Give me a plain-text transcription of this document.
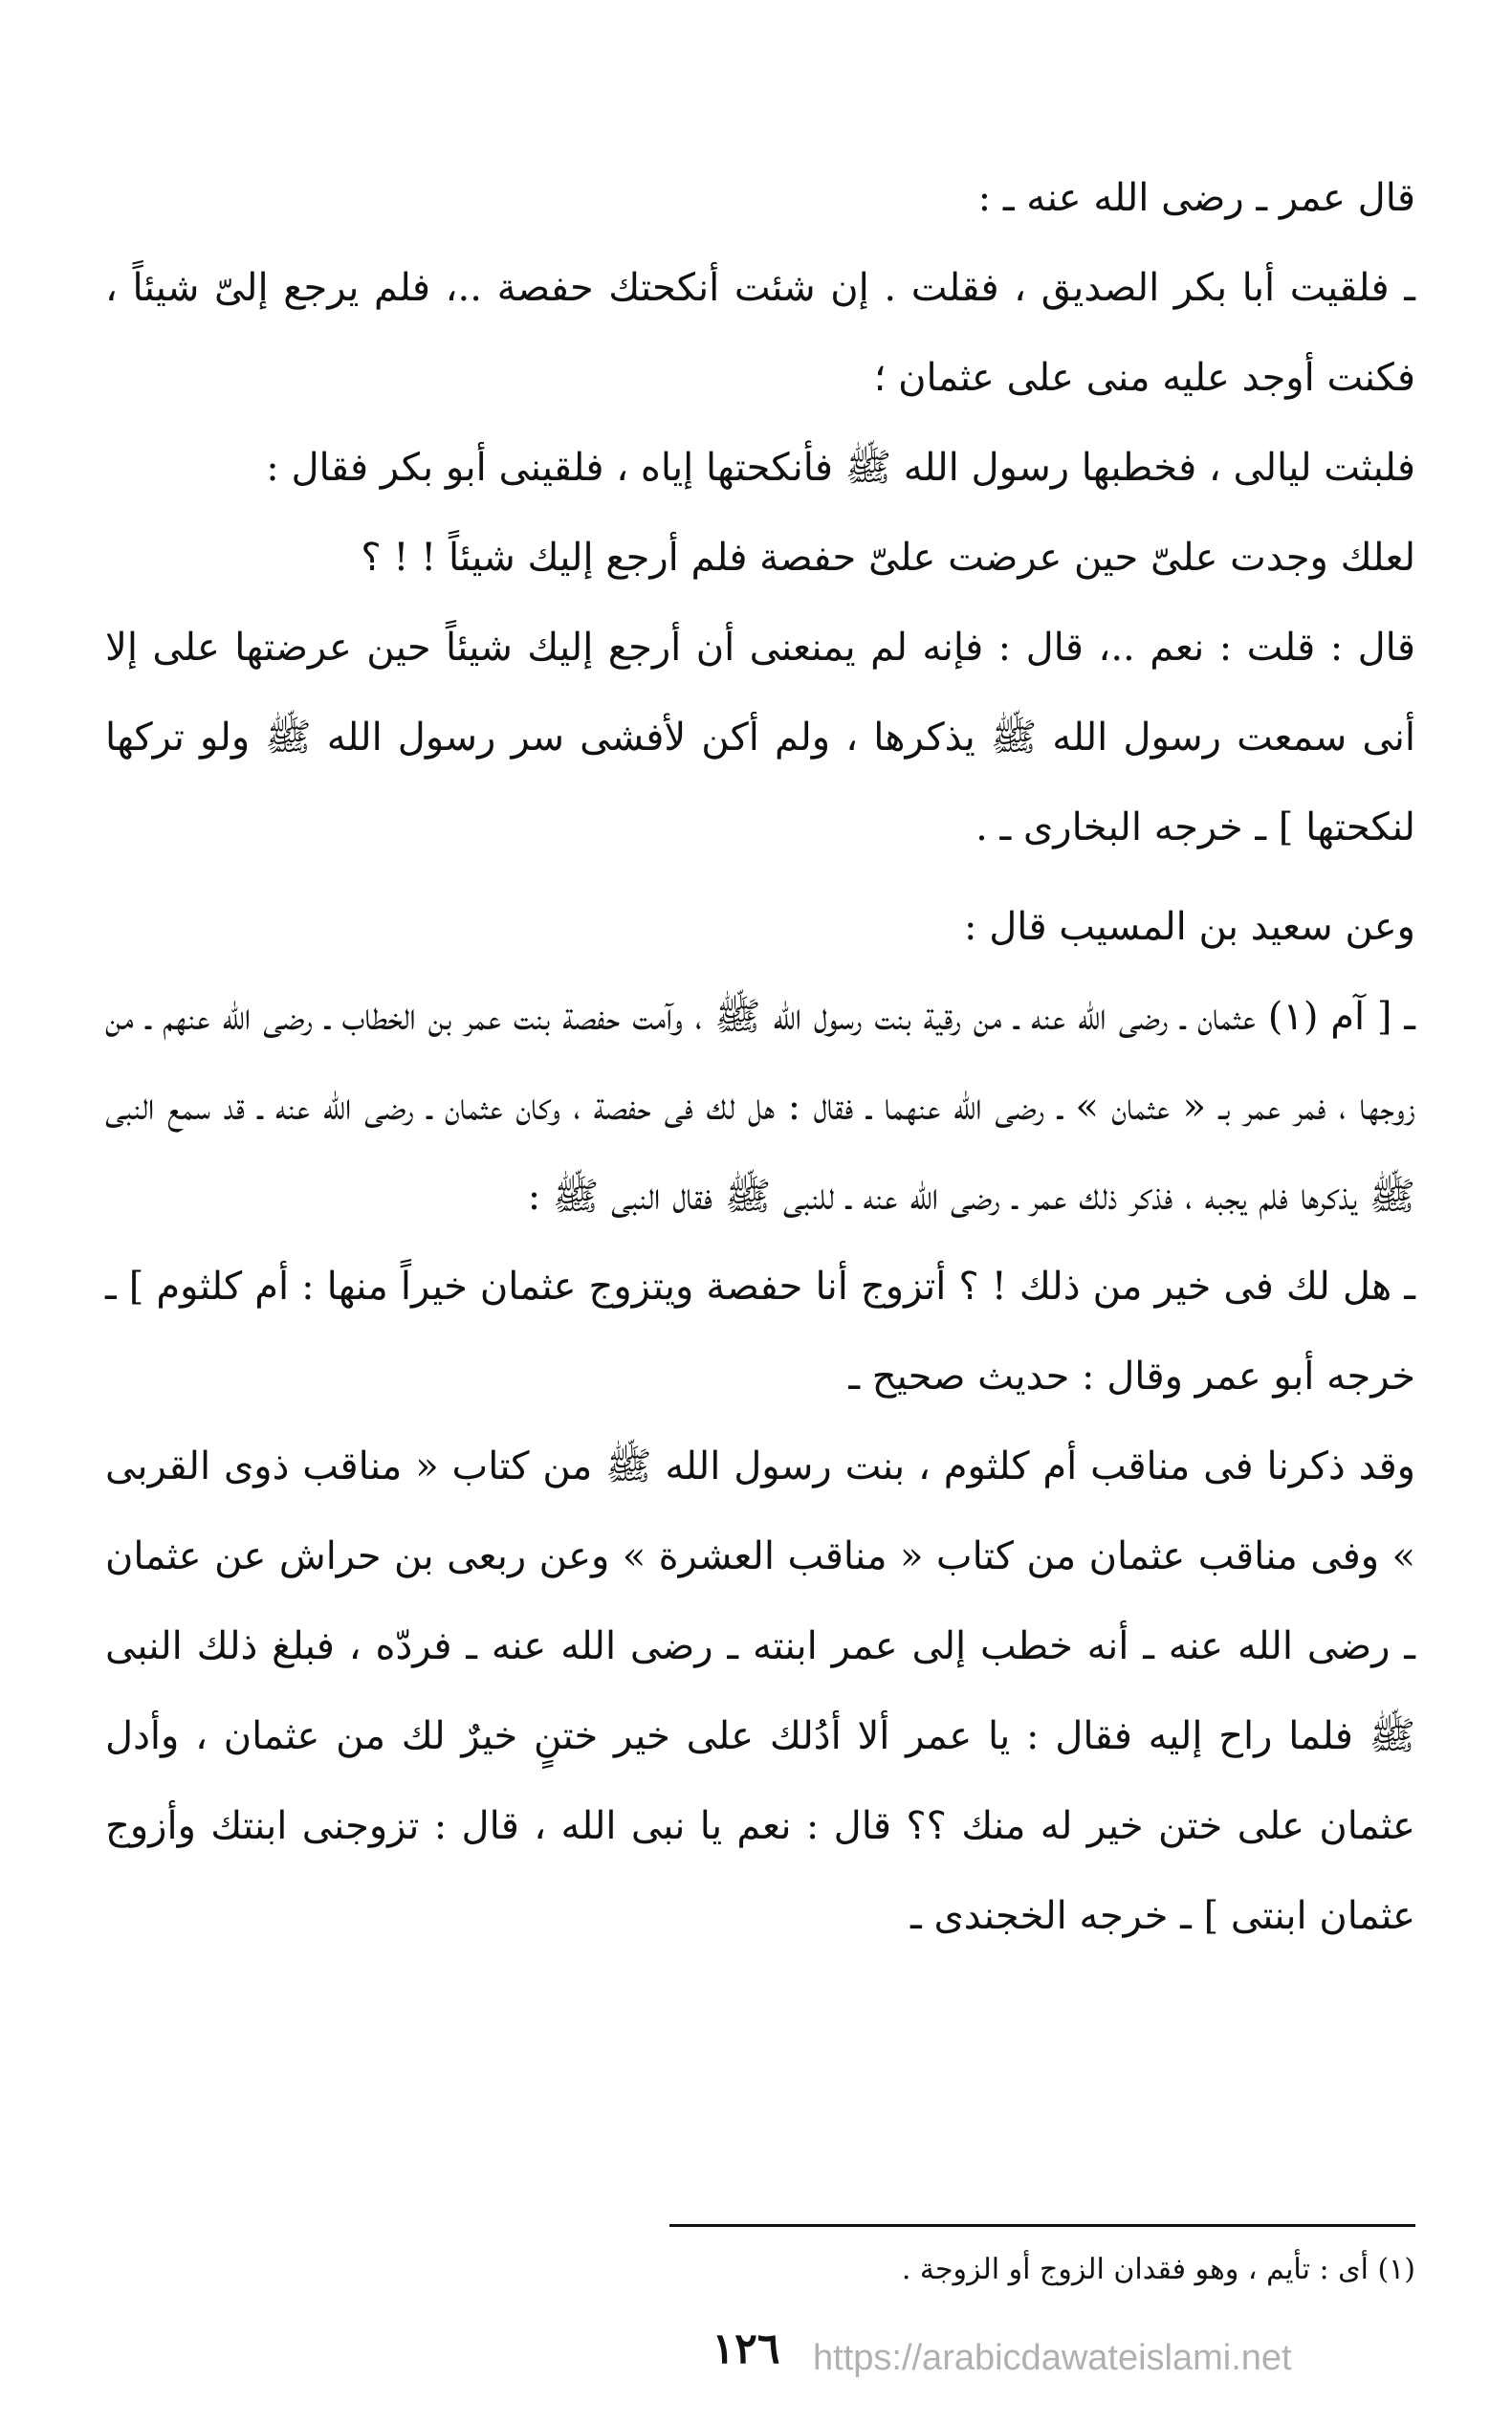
قال عمر ـ رضى الله عنه ـ :

ـ فلقيت أبا بكر الصديق ، فقلت . إن شئت أنكحتك حفصة ..، فلم يرجع إلىّ شيئاً ، فكنت أوجد عليه منى على عثمان ؛

فلبثت ليالى ، فخطبها رسول الله ﷺ فأنكحتها إياه ، فلقينى أبو بكر فقال :

لعلك وجدت علىّ حين عرضت علىّ حفصة فلم أرجع إليك شيئاً ! ! ؟

قال : قلت : نعم ..، قال : فإنه لم يمنعنى أن أرجع إليك شيئاً حين عرضتها على إلا أنى سمعت رسول الله ﷺ يذكرها ، ولم أكن لأفشى سر رسول الله ﷺ ولو تركها لنكحتها ] ـ خرجه البخارى ـ .

وعن سعيد بن المسيب قال :

ـ [ آم (١) عثمان ـ رضى الله عنه ـ من رقية بنت رسول الله ﷺ ، وآمت حفصة بنت عمر بن الخطاب ـ رضى الله عنهم ـ من زوجها ، فمر عمر بـ « عثمان » ـ رضى الله عنهما ـ فقال : هل لك فى حفصة ، وكان عثمان ـ رضى الله عنه ـ قد سمع النبى ﷺ يذكرها فلم يجبه ، فذكر ذلك عمر ـ رضى الله عنه ـ للنبى ﷺ فقال النبى ﷺ :

ـ هل لك فى خير من ذلك ! ؟ أتزوج أنا حفصة ويتزوج عثمان خيراً منها : أم كلثوم ] ـ خرجه أبو عمر وقال : حديث صحيح ـ

وقد ذكرنا فى مناقب أم كلثوم ، بنت رسول الله ﷺ من كتاب « مناقب ذوى القربى » وفى مناقب عثمان من كتاب « مناقب العشرة » وعن ربعى بن حراش عن عثمان ـ رضى الله عنه ـ أنه خطب إلى عمر ابنته ـ رضى الله عنه ـ فردّه ، فبلغ ذلك النبى ﷺ فلما راح إليه فقال : يا عمر ألا أدُلك على خير ختنٍ خيرٌ لك من عثمان ، وأدل عثمان على ختن خير له منك ؟؟ قال : نعم يا نبى الله ، قال : تزوجنى ابنتك وأزوج عثمان ابنتى ] ـ خرجه الخجندى ـ

(١) أى : تأيم ، وهو فقدان الزوج أو الزوجة .
١٢٦ https://arabicdawateislami.net
